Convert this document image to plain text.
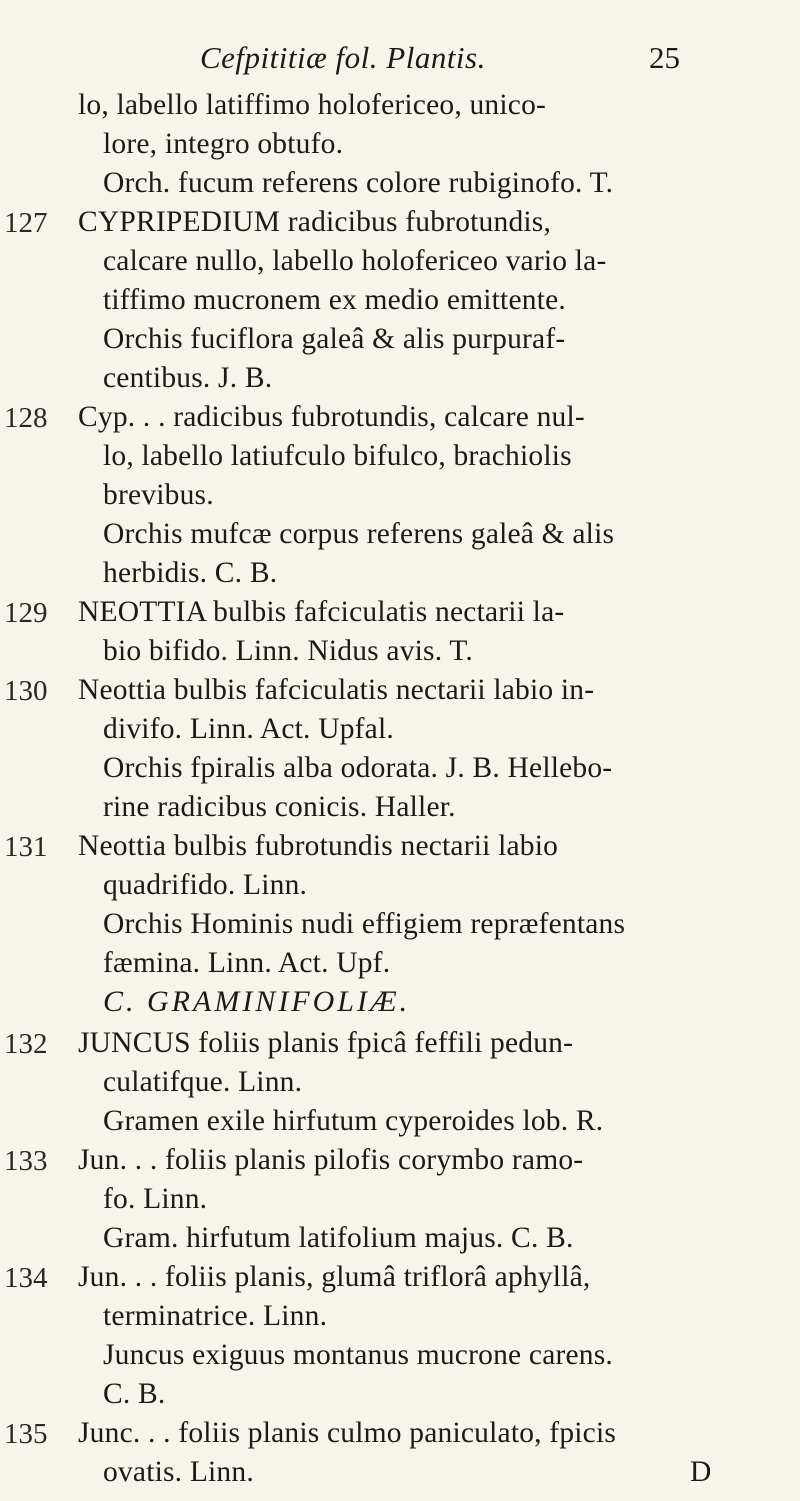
Cefpititiæ fol. Plantis.	25
lo, labello latiffimo holofericeo, unico-
lore, integro obtufo.
Orch. fucum referens colore rubiginofo. T.
127	CYPRIPEDIUM radicibus fubrotundis,
calcare nullo, labello holofericeo vario la-
tiffimo mucronem ex medio emittente.
Orchis fuciflora galeâ & alis purpuraf-
centibus. J. B.
128	Cyp. . . radicibus fubrotundis, calcare nul-
lo, labello latiufculo bifulco, brachiolis
brevibus.
Orchis mufcæ corpus referens galeâ & alis
herbidis. C. B.
129	NEOTTIA bulbis fafciculatis nectarii la-
bio bifido. Linn. Nidus avis. T.
130	Neottia bulbis fafciculatis nectarii labio in-
divifo. Linn. Act. Upfal.
Orchis fpiralis alba odorata. J. B. Hellebo-
rine radicibus conicis. Haller.
131	Neottia bulbis fubrotundis nectarii labio
quadrifido. Linn.
Orchis Hominis nudi effigiem repræfentans
fæmina. Linn. Act. Upf.
C. GRAMINIFOLIÆ.
132	JUNCUS foliis planis fpicâ feffili pedun-
culatifque. Linn.
Gramen exile hirfutum cyperoides lob. R.
133	Jun. . . foliis planis pilofis corymbo ramo-
fo. Linn.
Gram. hirfutum latifolium majus. C. B.
134	Jun. . . foliis planis, glumâ triflorâ aphyllâ,
terminatrice. Linn.
Juncus exiguus montanus mucrone carens.
C. B.
135	Junc. . . foliis planis culmo paniculato, fpicis
ovatis. Linn.	D
